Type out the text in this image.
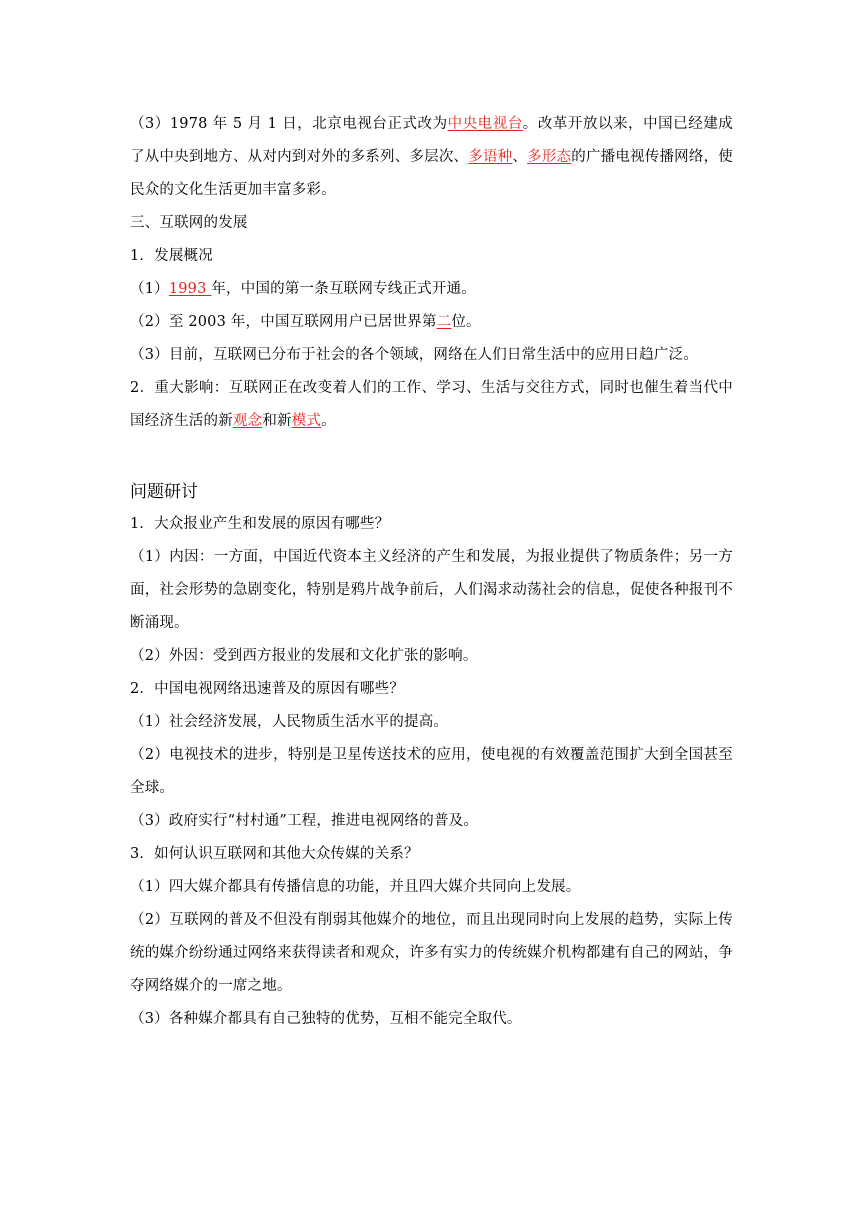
（3）1978 年 5 月 1 日，北京电视台正式改为中央电视台。改革开放以来，中国已经建成了从中央到地方、从对内到对外的多系列、多层次、多语种、多形态的广播电视传播网络，使民众的文化生活更加丰富多彩。

三、互联网的发展

1．发展概况

（1）1993 年，中国的第一条互联网专线正式开通。

（2）至 2003 年，中国互联网用户已居世界第二位。

（3）目前，互联网已分布于社会的各个领域，网络在人们日常生活中的应用日趋广泛。

2．重大影响：互联网正在改变着人们的工作、学习、生活与交往方式，同时也催生着当代中国经济生活的新观念和新模式。

问题研讨

1．大众报业产生和发展的原因有哪些？

（1）内因：一方面，中国近代资本主义经济的产生和发展，为报业提供了物质条件；另一方面，社会形势的急剧变化，特别是鸦片战争前后，人们渴求动荡社会的信息，促使各种报刊不断涌现。

（2）外因：受到西方报业的发展和文化扩张的影响。

2．中国电视网络迅速普及的原因有哪些？

（1）社会经济发展，人民物质生活水平的提高。

（2）电视技术的进步，特别是卫星传送技术的应用，使电视的有效覆盖范围扩大到全国甚至全球。

（3）政府实行“村村通”工程，推进电视网络的普及。

3．如何认识互联网和其他大众传媒的关系？

（1）四大媒介都具有传播信息的功能，并且四大媒介共同向上发展。

（2）互联网的普及不但没有削弱其他媒介的地位，而且出现同时向上发展的趋势，实际上传统的媒介纷纷通过网络来获得读者和观众，许多有实力的传统媒介机构都建有自己的网站，争夺网络媒介的一席之地。

（3）各种媒介都具有自己独特的优势，互相不能完全取代。
